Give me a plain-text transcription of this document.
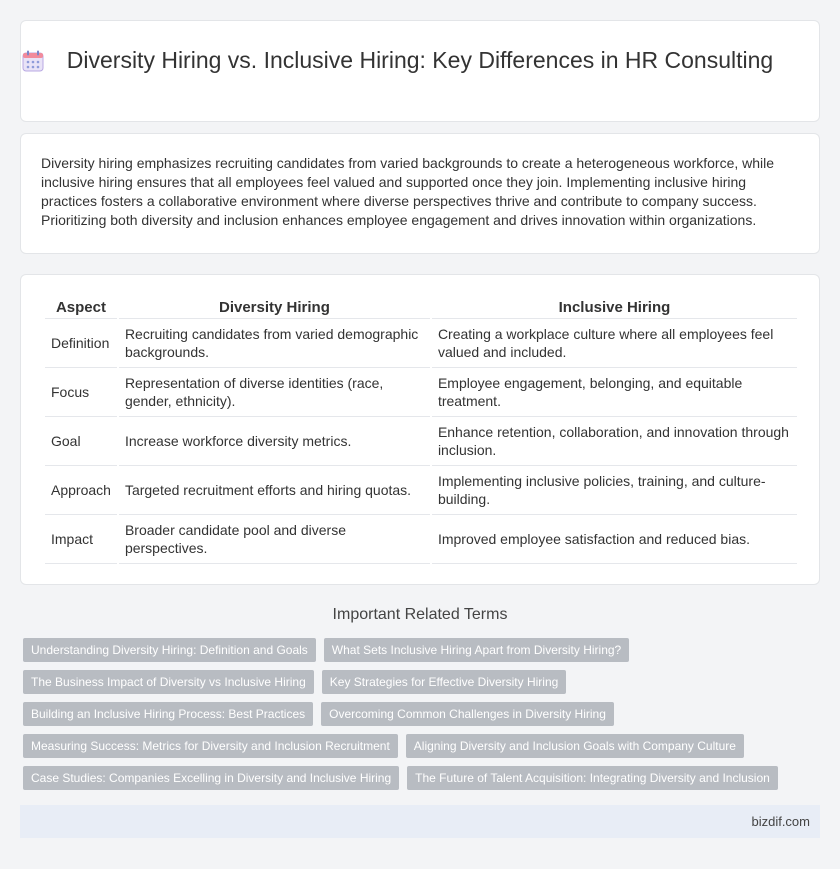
Diversity Hiring vs. Inclusive Hiring: Key Differences in HR Consulting

Diversity hiring emphasizes recruiting candidates from varied backgrounds to create a heterogeneous workforce, while inclusive hiring ensures that all employees feel valued and supported once they join. Implementing inclusive hiring practices fosters a collaborative environment where diverse perspectives thrive and contribute to company success. Prioritizing both diversity and inclusion enhances employee engagement and drives innovation within organizations.

Aspect	Diversity Hiring	Inclusive Hiring
Definition	Recruiting candidates from varied demographic backgrounds.	Creating a workplace culture where all employees feel valued and included.
Focus	Representation of diverse identities (race, gender, ethnicity).	Employee engagement, belonging, and equitable treatment.
Goal	Increase workforce diversity metrics.	Enhance retention, collaboration, and innovation through inclusion.
Approach	Targeted recruitment efforts and hiring quotas.	Implementing inclusive policies, training, and culture-building.
Impact	Broader candidate pool and diverse perspectives.	Improved employee satisfaction and reduced bias.
Important Related Terms
Understanding Diversity Hiring: Definition and Goals	What Sets Inclusive Hiring Apart from Diversity Hiring?
The Business Impact of Diversity vs Inclusive Hiring	Key Strategies for Effective Diversity Hiring
Building an Inclusive Hiring Process: Best Practices	Overcoming Common Challenges in Diversity Hiring
Measuring Success: Metrics for Diversity and Inclusion Recruitment	Aligning Diversity and Inclusion Goals with Company Culture
Case Studies: Companies Excelling in Diversity and Inclusive Hiring	The Future of Talent Acquisition: Integrating Diversity and Inclusion
bizdif.com
